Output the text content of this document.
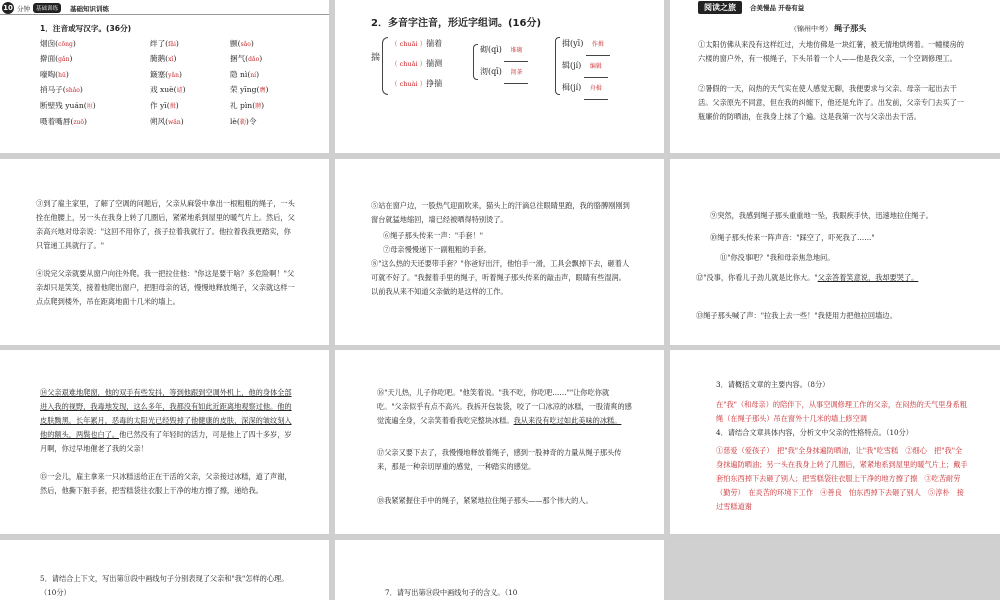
10 分钟	基础训练	基础知识训练
1．注音或写汉字。(36分)
烟囱(cōng)	绊了(fǎi)	颤(sǎo)
擀面(gǎn)	腌鹅(xǐ)	捆气(dǎo)
嚎啕(hū)	簸塞(yǎn)	隐 nì(ní)
捎马子(shǎo)	戏 xuè(谑)	荣 yīng(膺)
断壁残 yuán(垣)	作 yī(揖)	礼 pìn(聘)
嗫着嘴唇(zuō)	朔风(wǎn)	lè(勒)令
2．多音字注音，形近字组词。(16分)
揣
（ chuāi ）揣着
（ chuǎi ）揣测
（ chuài ）挣揣
砌(qì) 堆砌
沏(qī) 沏茶
揖(yī) 作揖
辑(jí) 编辑
楫(jí) 舟楫
阅读之旅	合美慢品 开卷有益
（锦州中考） 绳子那头
①太阳仿佛从来没有这样红过，大地仿佛是一块红薯，被无情地烘烤着。一幢楼房的六楼的窗户外，有一根绳子，下头吊着一个人——他是我父亲，一个空调修理工。
②暑假的一天，闷热的天气实在使人感觉无聊，我便要求与父亲、母亲一起出去干活。父亲原先不同意，但在我的纠缠下，他还是允许了。出发前，父亲专门去买了一瓶廉价的防晒油，在我身上抹了个遍。这是我第一次与父亲出去干活。
③到了雇主家里，了解了空调的问题后，父亲从麻袋中拿出一根粗粗的绳子，一头拴在他腰上，另一头在我身上转了几圈后，紧紧地系到屋里的暖气片上。然后，父亲高兴地对母亲说："这回不用你了，孩子拉着我就行了。他拉着我我更踏实，你只管递工具就行了。"
④说完父亲就要从窗户向往外爬。我一把拉住他："你这是要干啥？多危险啊！"父亲却只是笑笑，接着他爬出窗户，把胆母亲的话，慢慢地释放绳子，父亲就这样一点点爬到楼外，吊在距离地面十几米的墙上。
⑤站在窗户边，一股热气迎面吹来，猫头上的汗滴总往眼睛里跑，我的胳膊刚刚到窗台就猛地缩回，墙已经被晒得特别烫了。
⑥绳子那头传来一声："手套！"
⑦母亲慢慢递下一副粗粗的手套。
⑧"这么热的天还要带手套？"你爸好出汗，他怕手一滑，工具会飘掉下去，砸着人可就不好了。"我握着手里的绳子，听着绳子那头传来的敲击声，眼睛有些湿润。以前我从来不知道父亲做的是这样的工作。
⑨突然，我感到绳子那头重重地一坠，我眼疾手快，迅速地拉住绳子。
⑩绳子那头传来一阵声音："踩空了，吓死我了……"
⑪"你没事吧？"我和母亲焦急地问。
⑫"没事，你看儿子劲儿就是比你大。"父亲答着笑意说，我却要哭了。
⑬绳子那头喊了声："拉我上去一些！"我使用力把他拉回墙边。
⑭父亲艰难地爬窗，他的双手有些发抖，等到他跟到空调外机上，他的身体全部进入我的视野，我毒地发现，这么多年，我都没有如此近距离地观察过他。他的皮肤黝黑，长年累月，恶毒的太阳光已经毁掉了他健康的皮肤，深深的皱纹刻入他的额头，两鬓也白了。他已然没有了年轻时的活力，可是他上了四十多岁，岁月啊，你过早地催老了我的父亲！
⑮一会儿，雇主拿来一只冰糕送给正在干活的父亲，父亲接过冰糕，道了声谢，然后，他撕下脏手套，把雪糕袋往衣服上干净的地方擦了擦，递给我。
⑯"天儿热，儿子你吃吧。"他笑着说。"我不吃，你吃吧……""让你吃你就吃。"父亲似乎有点不高兴。我拆开包装袋，咬了一口冰凉的冰糕，一股清爽的感觉流遍全身，父亲笑着看我吃完整块冰糕。我从来没有吃过如此美味的冰糕。
⑰父亲又要下去了，我慢慢地释放着绳子，感到一股神奇的力量从绳子那头传来，那是一种亲切厚重的感觉，一种踏实的感觉。
⑱我紧紧握住手中的绳子，紧紧地拉住绳子那头——那个伟大的人。
3．请概括文章的主要内容。（8分）
在"我"（和母亲）的陪伴下，从事空调修理工作的父亲，在闷热的天气里身系粗绳（在绳子那头）吊在窗外十几米的墙上修空调
4．请结合文章具体内容，分析文中父亲的性格特点。（10分）
①慈爱（爱孩子）　把"我"全身抹遍防晒油，让"我"吃雪糕　②细心　把"我"全身抹遍防晒油；另一头在我身上转了几圈后，紧紧地系到屋里的暖气片上；戴手套怕东西掉下去砸了别人；把雪糕袋往衣服上干净的地方擦了擦　③吃苦耐劳（勤劳）　在炎苦的环境下工作　④善良　怕东西掉下去砸了别人　⑤淳朴　接过雪糕道谢
5．请结合上下文，写出第⑪段中画线句子分别表现了父亲和"我"怎样的心理。（10分）	7．请写出第⑭段中画线句子的含义。（10
